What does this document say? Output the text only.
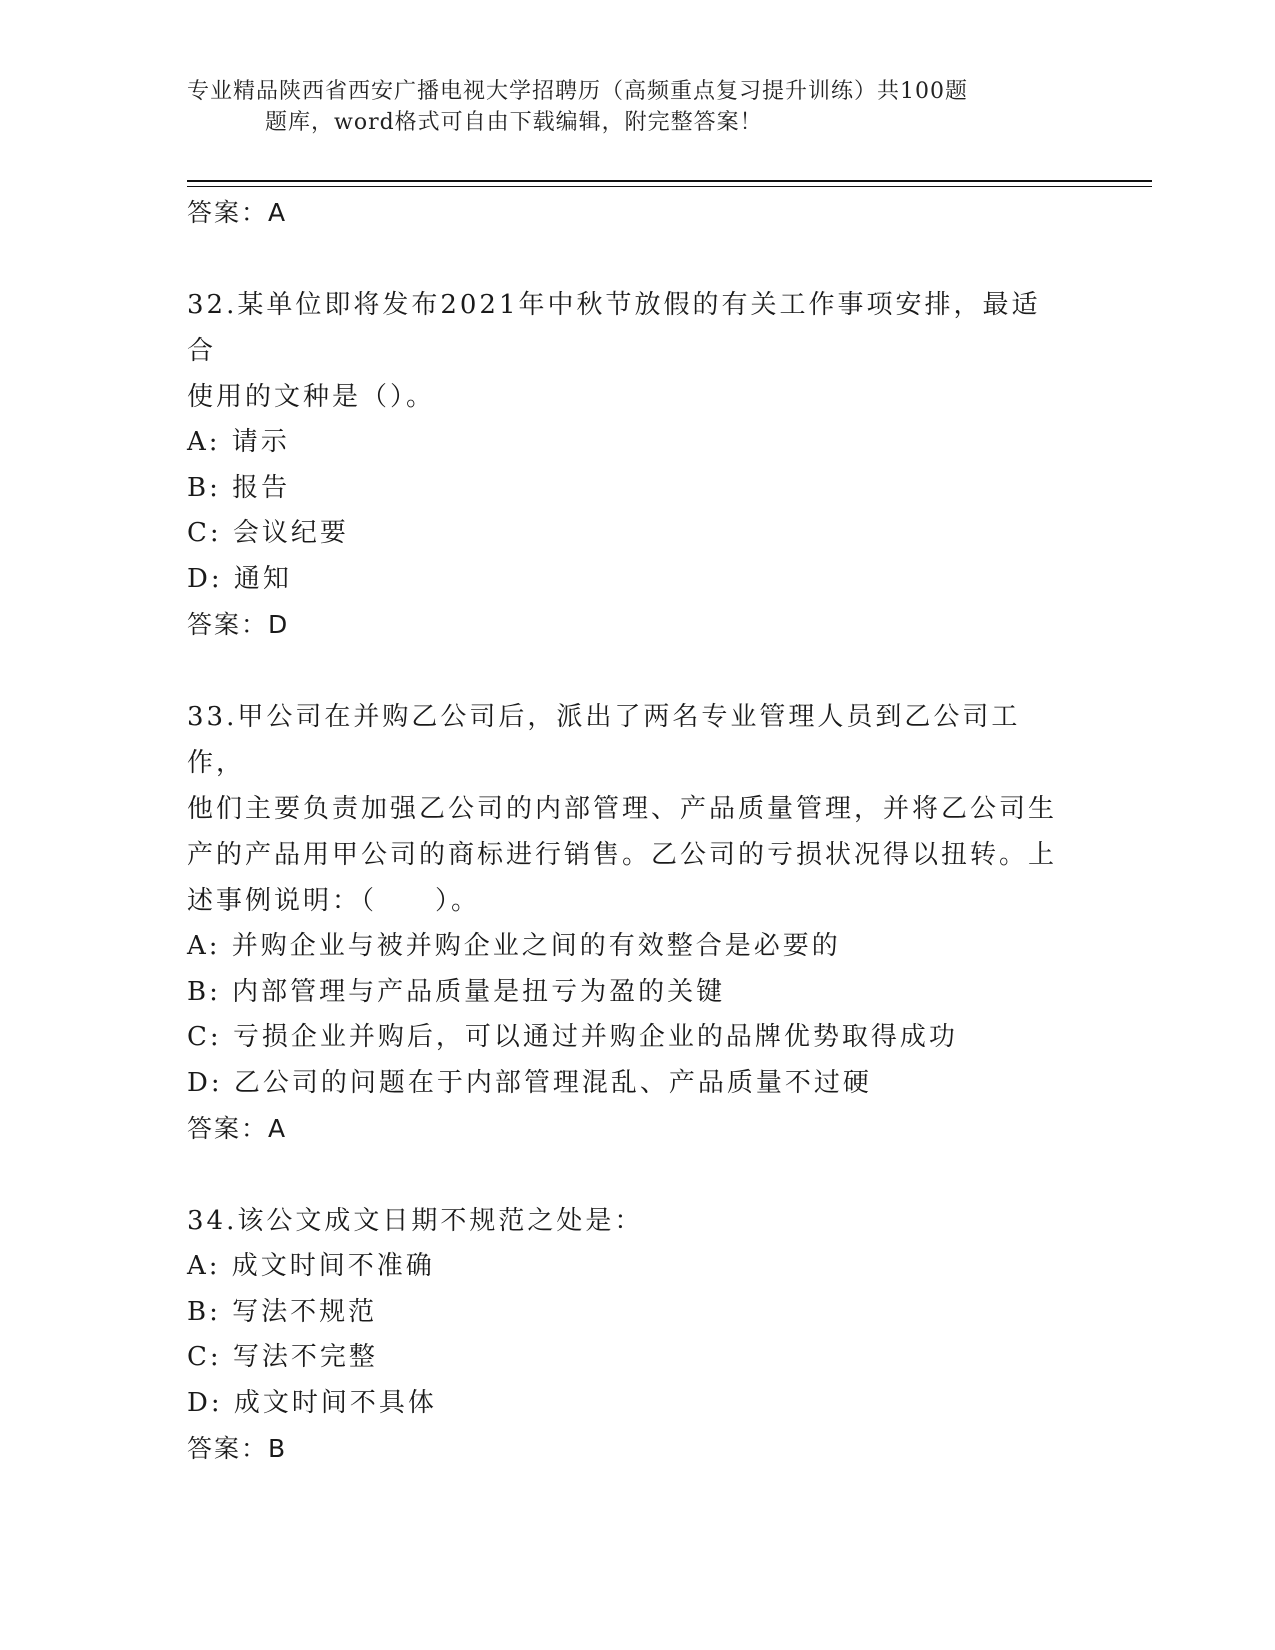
专业精品陕西省西安广播电视大学招聘历（高频重点复习提升训练）共100题
题库，word格式可自由下载编辑，附完整答案！
答案：A
32.某单位即将发布2021年中秋节放假的有关工作事项安排，最适合
使用的文种是（）。
A: 请示
B: 报告
C: 会议纪要
D: 通知
答案：D
33.甲公司在并购乙公司后，派出了两名专业管理人员到乙公司工作，
他们主要负责加强乙公司的内部管理、产品质量管理，并将乙公司生
产的产品用甲公司的商标进行销售。乙公司的亏损状况得以扭转。上
述事例说明：（　　）。
A: 并购企业与被并购企业之间的有效整合是必要的
B: 内部管理与产品质量是扭亏为盈的关键
C: 亏损企业并购后，可以通过并购企业的品牌优势取得成功
D: 乙公司的问题在于内部管理混乱、产品质量不过硬
答案：A
34.该公文成文日期不规范之处是：
A: 成文时间不准确
B: 写法不规范
C: 写法不完整
D: 成文时间不具体
答案：B
